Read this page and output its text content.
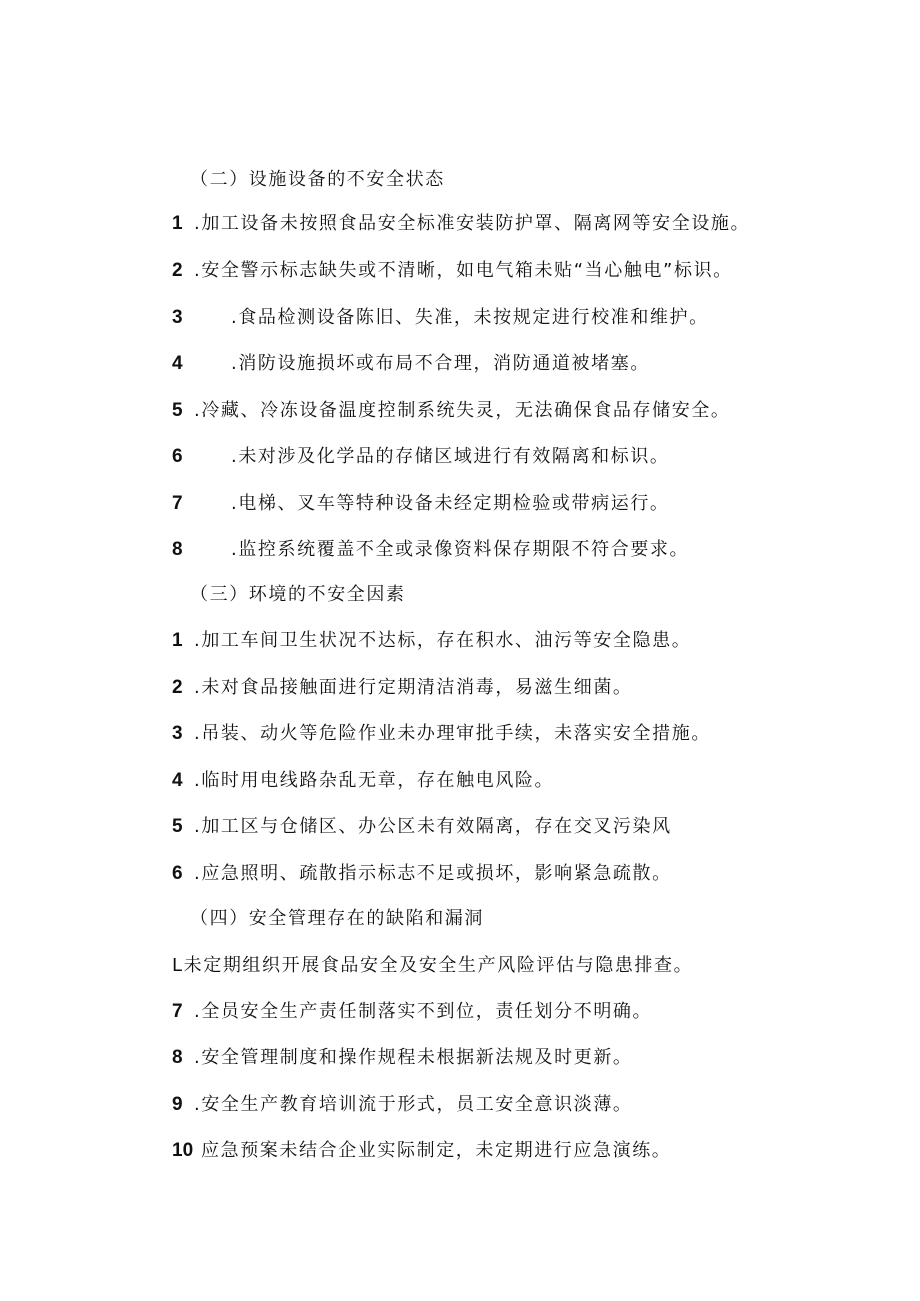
（二）设施设备的不安全状态
1 .加工设备未按照食品安全标准安装防护罩、隔离网等安全设施。
2 .安全警示标志缺失或不清晰，如电气箱未贴“当心触电”标识。
3	.食品检测设备陈旧、失准，未按规定进行校准和维护。
4	.消防设施损坏或布局不合理，消防通道被堵塞。
5 .冷藏、冷冻设备温度控制系统失灵，无法确保食品存储安全。
6	.未对涉及化学品的存储区域进行有效隔离和标识。
7	.电梯、叉车等特种设备未经定期检验或带病运行。
8	.监控系统覆盖不全或录像资料保存期限不符合要求。
（三）环境的不安全因素
1 .加工车间卫生状况不达标，存在积水、油污等安全隐患。
2 .未对食品接触面进行定期清洁消毒，易滋生细菌。
3 .吊装、动火等危险作业未办理审批手续，未落实安全措施。
4 .临时用电线路杂乱无章，存在触电风险。
5 .加工区与仓储区、办公区未有效隔离，存在交叉污染风
6 .应急照明、疏散指示标志不足或损坏，影响紧急疏散。
（四）安全管理存在的缺陷和漏洞
L未定期组织开展食品安全及安全生产风险评估与隐患排查。
7 .全员安全生产责任制落实不到位，责任划分不明确。
8 .安全管理制度和操作规程未根据新法规及时更新。
9 .安全生产教育培训流于形式，员工安全意识淡薄。
10 应急预案未结合企业实际制定，未定期进行应急演练。
